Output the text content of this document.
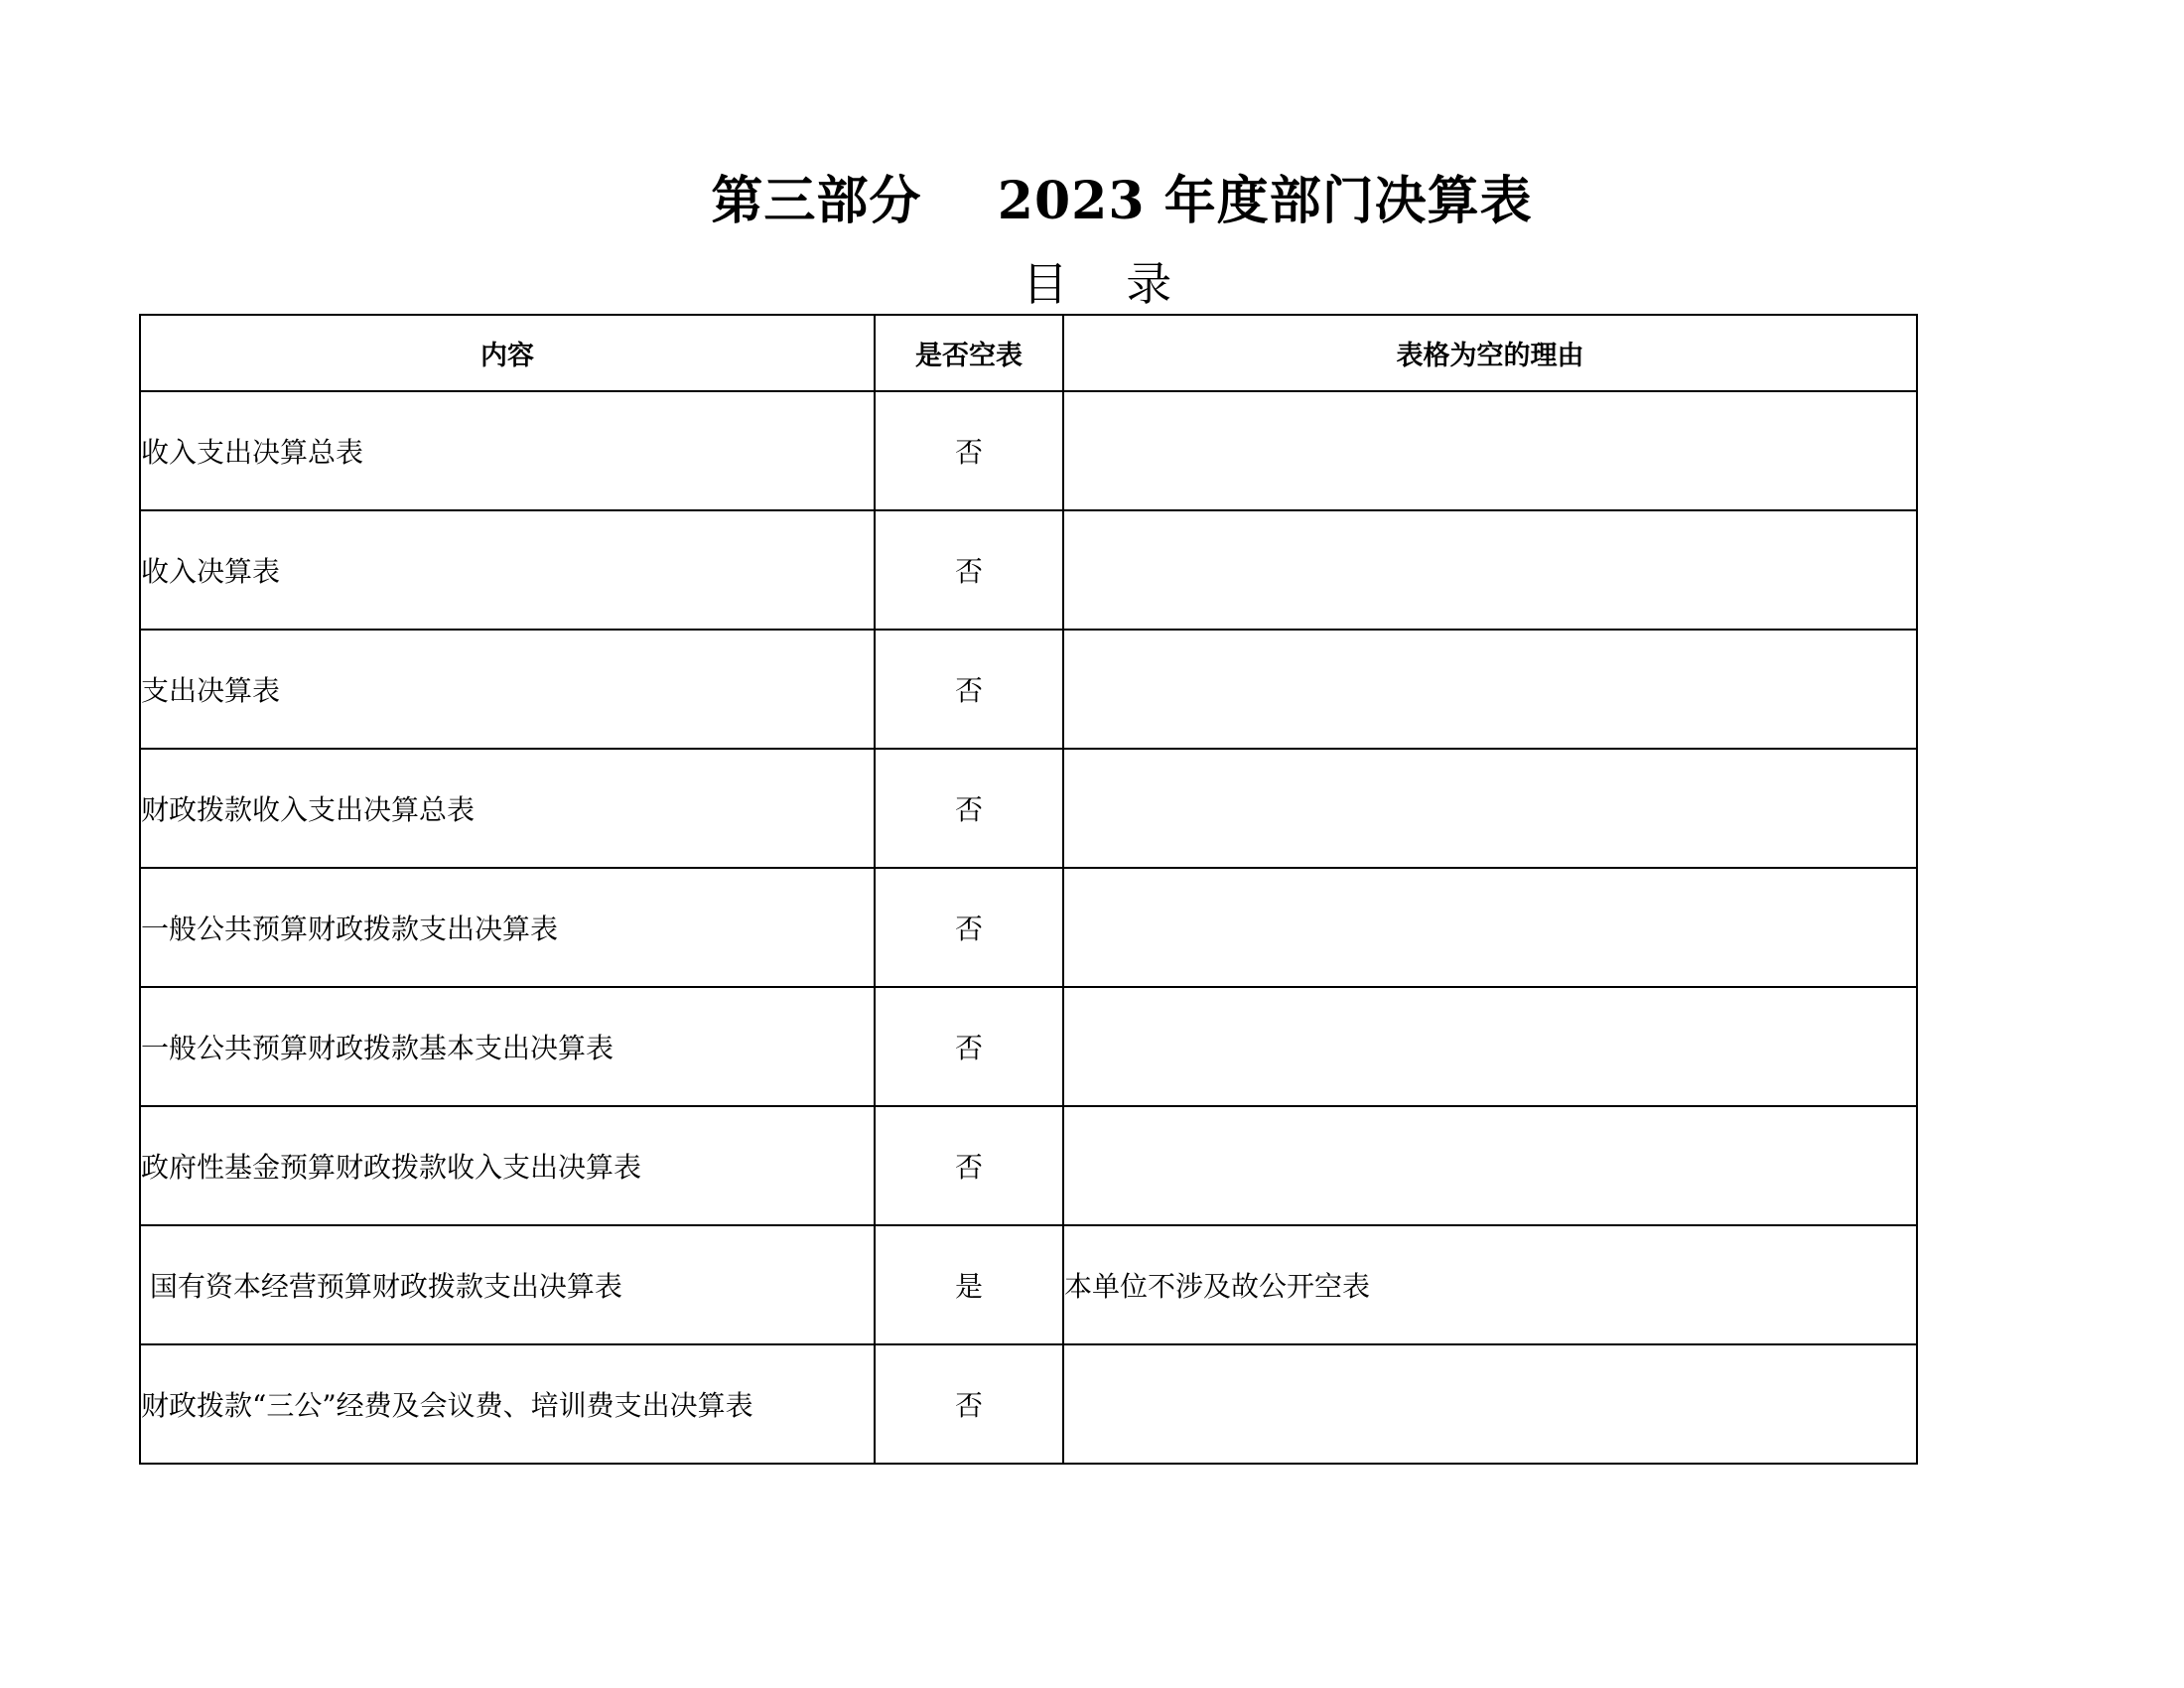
第三部分    2023 年度部门决算表
目    录
内容	是否空表	表格为空的理由
收入支出决算总表	否	
收入决算表	否	
支出决算表	否	
财政拨款收入支出决算总表	否	
一般公共预算财政拨款支出决算表	否	
一般公共预算财政拨款基本支出决算表	否	
政府性基金预算财政拨款收入支出决算表	否	
国有资本经营预算财政拨款支出决算表	是	本单位不涉及故公开空表
财政拨款“三公”经费及会议费、培训费支出决算表	否	
